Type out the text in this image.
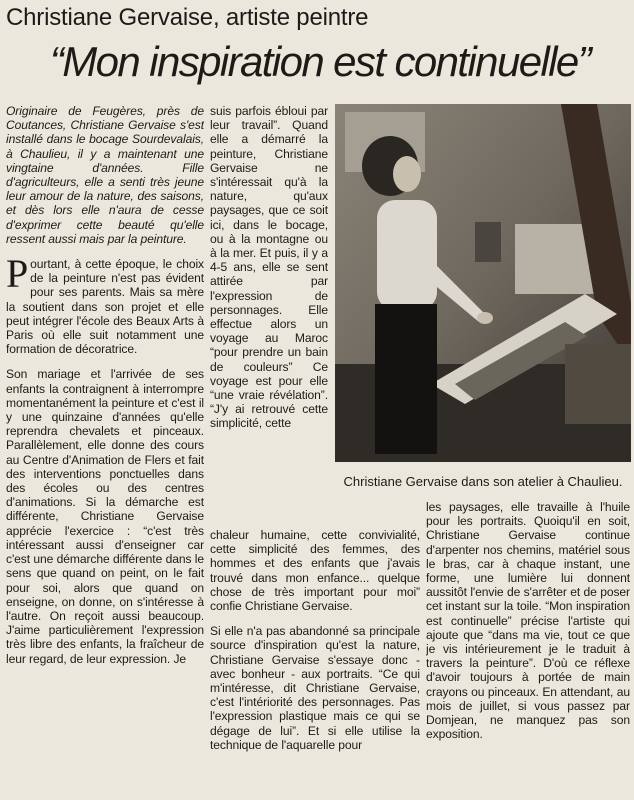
Christiane Gervaise, artiste peintre
“Mon inspiration est continuelle”

Originaire de Feugères, près de Coutances, Christiane Gervaise s'est installé dans le bocage Sourdevalais, à Chaulieu, il y a maintenant une vingtaine d'années. Fille d'agriculteurs, elle a senti très jeune leur amour de la nature, des saisons, et dès lors elle n'aura de cesse d'exprimer cette beauté qu'elle ressent aussi mais par la peinture.

Pourtant, à cette époque, le choix de la peinture n'est pas évident pour ses parents. Mais sa mère la soutient dans son projet et elle peut intégrer l'école des Beaux Arts à Paris où elle suit notamment une formation de décoratrice.

Son mariage et l'arrivée de ses enfants la contraignent à interrompre momentanément la peinture et c'est il y une quinzaine d'années qu'elle reprendra chevalets et pinceaux. Parallèlement, elle donne des cours au Centre d'Animation de Flers et fait des interventions ponctuelles dans des écoles ou des centres d'animations. Si la démarche est différente, Christiane Gervaise apprécie l'exercice : “c'est très intéressant aussi d'enseigner car c'est une démarche différente dans le sens que quand on peint, on le fait pour soi, alors que quand on enseigne, on donne, on s'intéresse à l'autre. On reçoit aussi beaucoup. J'aime particulièrement l'expression très libre des enfants, la fraîcheur de leur regard, de leur expression. Je

suis parfois ébloui par leur travail”. Quand elle a démarré la peinture, Christiane Gervaise ne s'intéressait qu'à la nature, qu'aux paysages, que ce soit ici, dans le bocage, ou à la montagne ou à la mer. Et puis, il y a 4-5 ans, elle se sent attirée par l'expression de personnages. Elle effectue alors un voyage au Maroc “pour prendre un bain de couleurs” Ce voyage est pour elle “une vraie révélation”. “J'y ai retrouvé cette simplicité, cette

Christiane Gervaise dans son atelier à Chaulieu.

chaleur humaine, cette convivialité, cette simplicité des femmes, des hommes et des enfants que j'avais trouvé dans mon enfance... quelque chose de très important pour moi” confie Christiane Gervaise.

Si elle n'a pas abandonné sa principale source d'inspiration qu'est la nature, Christiane Gervaise s'essaye donc - avec bonheur - aux portraits. “Ce qui m'intéresse, dit Christiane Gervaise, c'est l'intériorité des personnages. Pas l'expression plastique mais ce qui se dégage de lui”. Et si elle utilise la technique de l'aquarelle pour

les paysages, elle travaille à l'huile pour les portraits. Quoiqu'il en soit, Christiane Gervaise continue d'arpenter nos chemins, matériel sous le bras, car à chaque instant, une forme, une lumière lui donnent aussitôt l'envie de s'arrêter et de poser cet instant sur la toile. “Mon inspiration est continuelle” précise l'artiste qui ajoute que “dans ma vie, tout ce que je vis intérieurement je le traduit à travers la peinture”. D'où ce réflexe d'avoir toujours à portée de main crayons ou pinceaux. En attendant, au mois de juillet, si vous passez par Domjean, ne manquez pas son exposition.
